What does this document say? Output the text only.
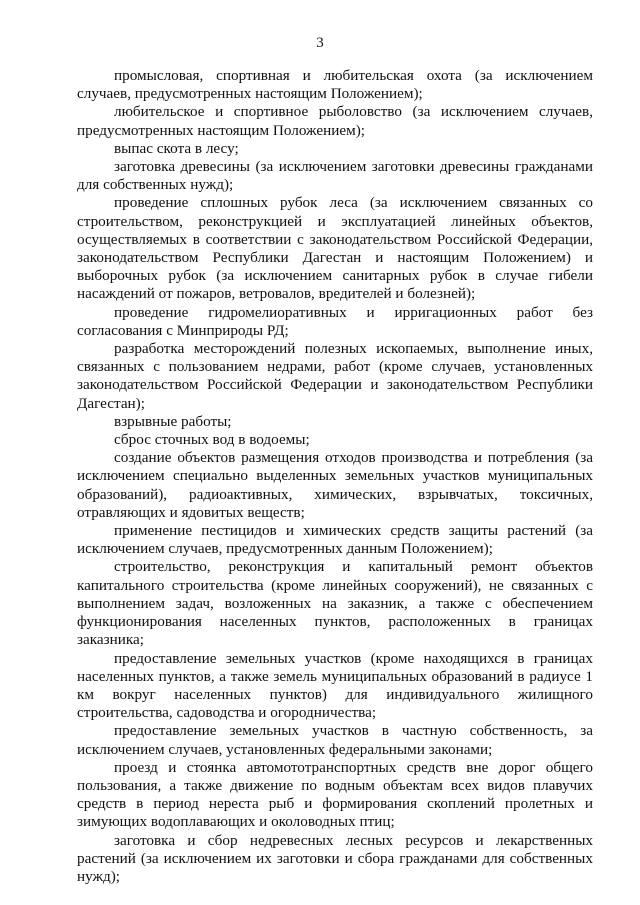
3

промысловая, спортивная и любительская охота (за исключением случаев, предусмотренных настоящим Положением);

любительское и спортивное рыболовство (за исключением случаев, предусмотренных настоящим Положением);

выпас скота в лесу;

заготовка древесины (за исключением заготовки древесины гражданами для собственных нужд);

проведение сплошных рубок леса (за исключением связанных со строительством, реконструкцией и эксплуатацией линейных объектов, осуществляемых в соответствии с законодательством Российской Федерации, законодательством Республики Дагестан и настоящим Положением) и выборочных рубок (за исключением санитарных рубок в случае гибели насаждений от пожаров, ветровалов, вредителей и болезней);

проведение гидромелиоративных и ирригационных работ без согласования с Минприроды РД;

разработка месторождений полезных ископаемых, выполнение иных, связанных с пользованием недрами, работ (кроме случаев, установленных законодательством Российской Федерации и законодательством Республики Дагестан);

взрывные работы;

сброс сточных вод в водоемы;

создание объектов размещения отходов производства и потребления (за исключением специально выделенных земельных участков муниципальных образований), радиоактивных, химических, взрывчатых, токсичных, отравляющих и ядовитых веществ;

применение пестицидов и химических средств защиты растений (за исключением случаев, предусмотренных данным Положением);

строительство, реконструкция и капитальный ремонт объектов капитального строительства (кроме линейных сооружений), не связанных с выполнением задач, возложенных на заказник, а также с обеспечением функционирования населенных пунктов, расположенных в границах заказника;

предоставление земельных участков (кроме находящихся в границах населенных пунктов, а также земель муниципальных образований в радиусе 1 км вокруг населенных пунктов) для индивидуального жилищного строительства, садоводства и огородничества;

предоставление земельных участков в частную собственность, за исключением случаев, установленных федеральными законами;

проезд и стоянка автомототранспортных средств вне дорог общего пользования, а также движение по водным объектам всех видов плавучих средств в период нереста рыб и формирования скоплений пролетных и зимующих водоплавающих и околоводных птиц;

заготовка и сбор недревесных лесных ресурсов и лекарственных растений (за исключением их заготовки и сбора гражданами для собственных нужд);
